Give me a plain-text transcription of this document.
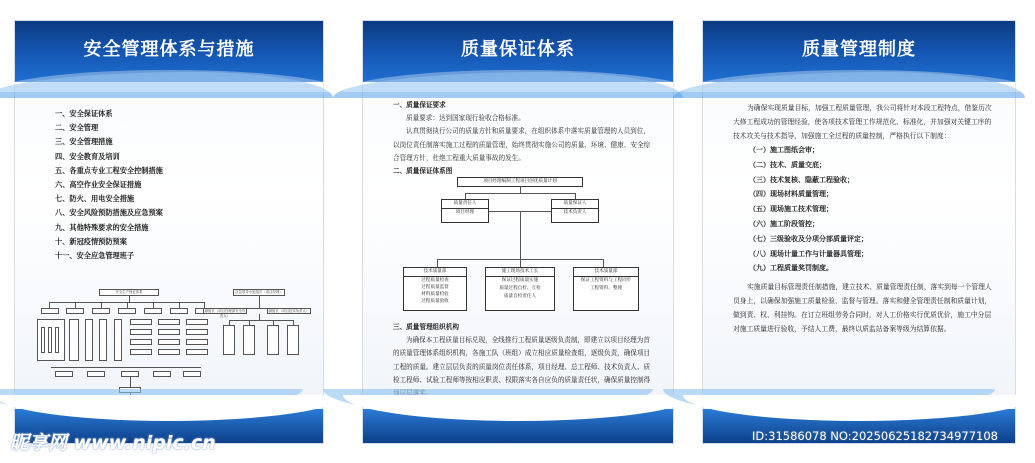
安全管理体系与措施
一、安全保证体系
二、安全管理
三、安全管理措施
四、安全教育及培训
五、各重点专业工程安全控制措施
六、高空作业安全保证措施
七、防火、用电安全措施
八、安全风险预防措施及应急预案
九、其他特殊要求的安全措施
十、新冠疫情预防预案
十一、安全应急管理班子
安全生产保证体系	应急领导小组组长（项目经理）
副组长（项目经理部安全负责人）
副组长（项目技术负责人）
质量保证体系
一、质量保证要求
质量要求：达到国家现行验收合格标准。
认真贯彻执行公司的质量方针和质量要求，在组织体系中落实质量管理的人员到位，以岗位责任制落实施工过程的质量管理，始终贯彻实施公司的质量、环境、健康、安全综合管理方针，杜绝工程重大质量事故的发生。
二、质量保证体系图
项目经理编制工程项目创优质量计划
质量责任人
项目经理
质量保证人
技术负责人
技术质量部
过程质量检查
过程质量监督
材料质量检验
过程质量验收
施工现场技术工长
保证过程质量实施
质量过程自检、互检
质量自检责任人
技术质量部
保证工程资料与工程同步
工程资料、整理
三、质量管理组织机构
为确保本工程质量目标兑现，全线推行工程质量逐级负责制，即建立以项目经理为首的质量管理体系组织机构，各施工队（班组）成立相应质量检查组，逐级负责，确保项目工程的质量。建立层层负责的质量岗位责任体系，项目经理、总工程师、技术负责人、质检工程师、试验工程师等按相应职责、权限落实各自应负的质量责任状，确保质量控制得
质量管理制度
为确保实现质量目标，加强工程质量管理，我公司将针对本段工程特点，借鉴历次大修工程成功的管理经验，使各项技术管理工作规范化、标准化，并加强对关键工序的技术攻关与技术指导，加强施工全过程的质量控制，严格执行以下制度：
（一）施工图纸会审；
（二）技术、质量交底；
（三）技术复核、隐蔽工程验收；
（四）现场材料质量管理；
（五）现场施工技术管理；
（六）施工阶段管控；
（七）三级验收及分项分部质量评定；
（八）现场计量工作与计量器具管理；
（九）工程质量奖罚制度。
实施质量目标管理责任制措施，建立技术、质量管理责任制，落实到每一个管理人员身上，以确保加强施工质量检验、监督与管理。落实和健全管理责任制和质量计划，做到责、权、利挂钩。在订立班组劳务合同时，对人工价格实行优质优价，施工中分层对施工质量进行验收，予结人工费，最终以质监站备案等级为结算依据。
昵享网 www.nipic.cn	ID:31586078 NO:20250625182734977108
